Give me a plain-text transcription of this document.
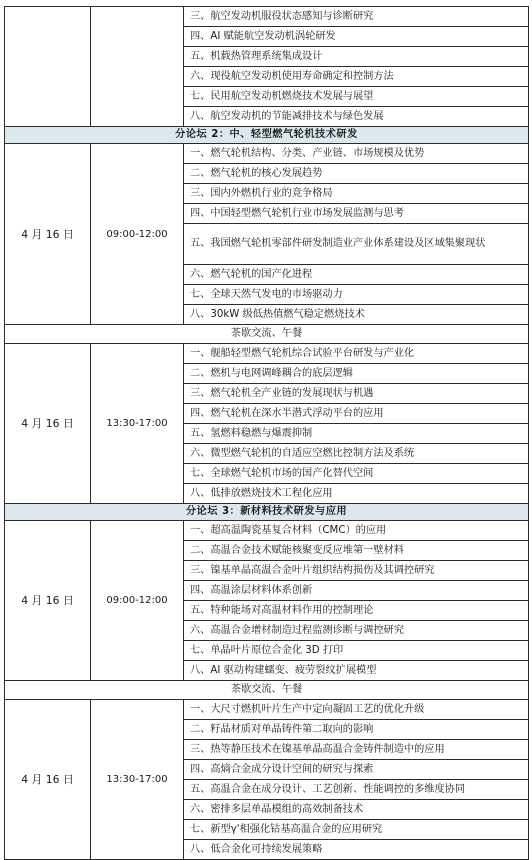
		三、航空发动机服役状态感知与诊断研究
		四、AI 赋能航空发动机涡轮研发
		五、机载热管理系统集成设计
		六、现役航空发动机使用寿命确定和控制方法
		七、民用航空发动机燃烧技术发展与展望
		八、航空发动机的节能减排技术与绿色发展
分论坛 2：中、轻型燃气轮机技术研发		
4 月 16 日	09:00-12:00	一、燃气轮机结构、分类、产业链、市场规模及优势
		二、燃气轮机的核心发展趋势
		三、国内外燃机行业的竞争格局
		四、中国轻型燃气轮机行业市场发展监测与思考
		五、我国燃气轮机零部件研发制造业产业体系建设及区域集聚现状
		六、燃气轮机的国产化进程
		七、全球天然气发电的市场驱动力
		八、30kW 级低热值燃气稳定燃烧技术
茶歇交流、午餐		
4 月 16 日	13:30-17:00	一、舰船轻型燃气轮机综合试验平台研发与产业化
		二、燃机与电网调峰耦合的底层逻辑
		三、燃气轮机全产业链的发展现状与机遇
		四、燃气轮机在深水半潜式浮动平台的应用
		五、氢燃料稳燃与爆震抑制
		六、微型燃气轮机的自适应空燃比控制方法及系统
		七、全球燃气轮机市场的国产化替代空间
		八、低排放燃烧技术工程化应用
分论坛 3：新材料技术研发与应用		
4 月 16 日	09:00-12:00	一、超高温陶瓷基复合材料（CMC）的应用
		二、高温合金技术赋能核聚变反应堆第一壁材料
		三、镍基单晶高温合金叶片组织结构损伤及其调控研究
		四、高温涂层材料体系创新
		五、特种能场对高温材料作用的控制理论
		六、高温合金增材制造过程监测诊断与调控研究
		七、单晶叶片原位合金化 3D 打印
		八、AI 驱动构建蠕变、疲劳裂纹扩展模型
茶歇交流、午餐		
4 月 16 日	13:30-17:00	一、大尺寸燃机叶片生产中定向凝固工艺的优化升级
		二、籽晶材质对单晶铸件第二取向的影响
		三、热等静压技术在镍基单晶高温合金铸件制造中的应用
		四、高熵合金成分设计空间的研究与探索
		五、高温合金在成分设计、工艺创新、性能调控的多维度协同
		六、密排多层单晶模组的高效制备技术
		七、新型γ'相强化钴基高温合金的应用研究
		八、低合金化可持续发展策略
